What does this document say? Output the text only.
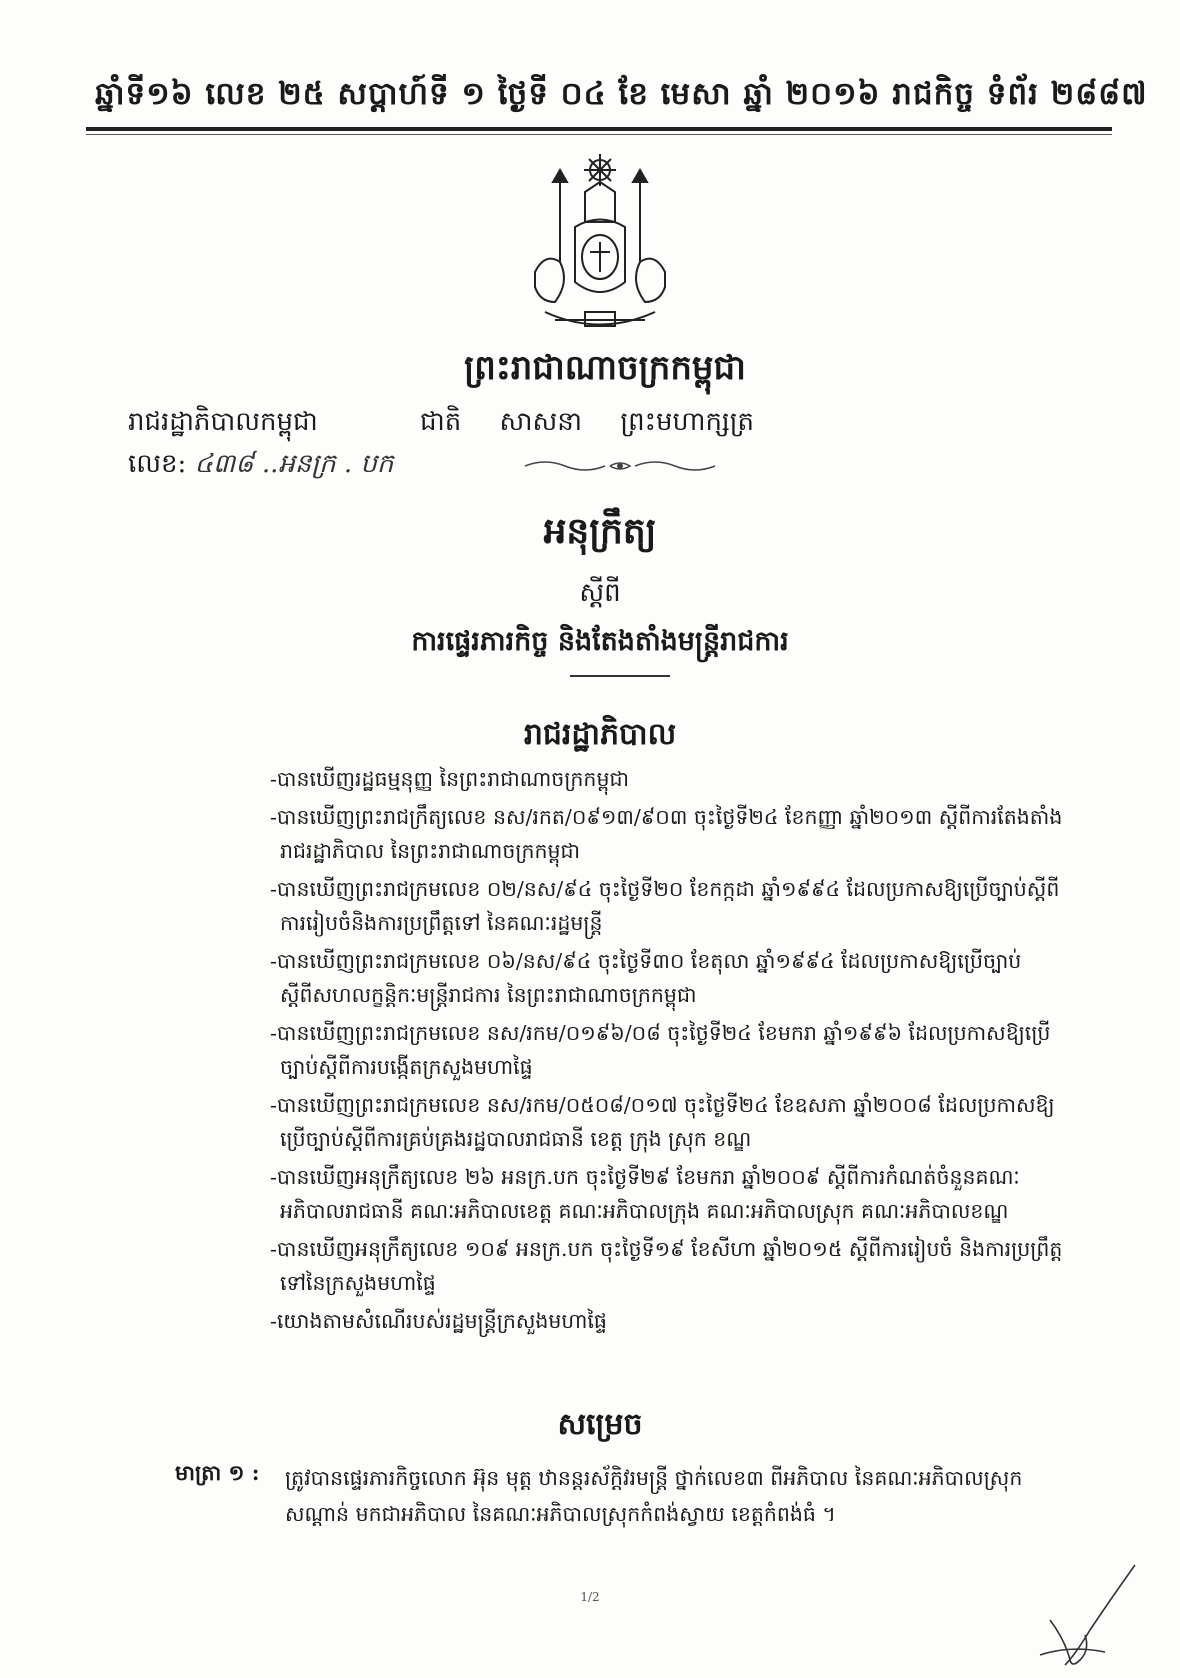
ឆ្នាំទី១៦ លេខ ២៥ សប្តាហ៍ទី ១ ថ្ងៃទី ០៤ ខែ មេសា ឆ្នាំ ២០១៦ រាជកិច្ច ទំព័រ ២៨៨៧
ព្រះរាជាណាចក្រកម្ពុជា
ជាតិ សាសនា ព្រះមហាក្សត្រ
រាជរដ្ឋាភិបាលកម្ពុជា
លេខ: ៤៣៨ ..អនក្រ . បក
អនុក្រឹត្យ
ស្តីពី
ការផ្ទេរភារកិច្ច និងតែងតាំងមន្ត្រីរាជការ
រាជរដ្ឋាភិបាល

-បានឃើញរដ្ឋធម្មនុញ្ញ នៃព្រះរាជាណាចក្រកម្ពុជា

-បានឃើញព្រះរាជក្រឹត្យលេខ នស/រកត/០៩១៣/៩០៣ ចុះថ្ងៃទី២៤ ខែកញ្ញា ឆ្នាំ២០១៣ ស្តីពីការតែងតាំងរាជរដ្ឋាភិបាល នៃព្រះរាជាណាចក្រកម្ពុជា

-បានឃើញព្រះរាជក្រមលេខ ០២/នស/៩៤ ចុះថ្ងៃទី២០ ខែកក្កដា ឆ្នាំ១៩៩៤ ដែលប្រកាសឱ្យប្រើច្បាប់ស្តីពីការរៀបចំនិងការប្រព្រឹត្តទៅ នៃគណៈរដ្ឋមន្ត្រី

-បានឃើញព្រះរាជក្រមលេខ ០៦/នស/៩៤ ចុះថ្ងៃទី៣០ ខែតុលា ឆ្នាំ១៩៩៤ ដែលប្រកាសឱ្យប្រើច្បាប់ស្តីពីសហលក្ខន្តិកៈមន្ត្រីរាជការ នៃព្រះរាជាណាចក្រកម្ពុជា

-បានឃើញព្រះរាជក្រមលេខ នស/រកម/០១៩៦/០៨ ចុះថ្ងៃទី២៤ ខែមករា ឆ្នាំ១៩៩៦ ដែលប្រកាសឱ្យប្រើច្បាប់ស្តីពីការបង្កើតក្រសួងមហាផ្ទៃ

-បានឃើញព្រះរាជក្រមលេខ នស/រកម/០៥០៨/០១៧ ចុះថ្ងៃទី២៤ ខែឧសភា ឆ្នាំ២០០៨ ដែលប្រកាសឱ្យប្រើច្បាប់ស្តីពីការគ្រប់គ្រងរដ្ឋបាលរាជធានី ខេត្ត ក្រុង ស្រុក ខណ្ឌ

-បានឃើញអនុក្រឹត្យលេខ ២៦ អនក្រ.បក ចុះថ្ងៃទី២៩ ខែមករា ឆ្នាំ២០០៩ ស្តីពីការកំណត់ចំនួនគណៈអភិបាលរាជធានី គណៈអភិបាលខេត្ត គណៈអភិបាលក្រុង គណៈអភិបាលស្រុក គណៈអភិបាលខណ្ឌ

-បានឃើញអនុក្រឹត្យលេខ ១០៩ អនក្រ.បក ចុះថ្ងៃទី១៩ ខែសីហា ឆ្នាំ២០១៥ ស្តីពីការរៀបចំ និងការប្រព្រឹត្តទៅនៃក្រសួងមហាផ្ទៃ

-យោងតាមសំណើរបស់រដ្ឋមន្ត្រីក្រសួងមហាផ្ទៃ

សម្រេច
មាត្រា ១ : ត្រូវបានផ្ទេរភារកិច្ចលោក អ៊ុន មុត្ត ឋានន្តរស័ក្តិវរមន្ត្រី ថ្នាក់លេខ៣ ពីអភិបាល នៃគណៈអភិបាលស្រុកសណ្តាន់ មកជាអភិបាល នៃគណៈអភិបាលស្រុកកំពង់ស្វាយ ខេត្តកំពង់ធំ ។
1/2
